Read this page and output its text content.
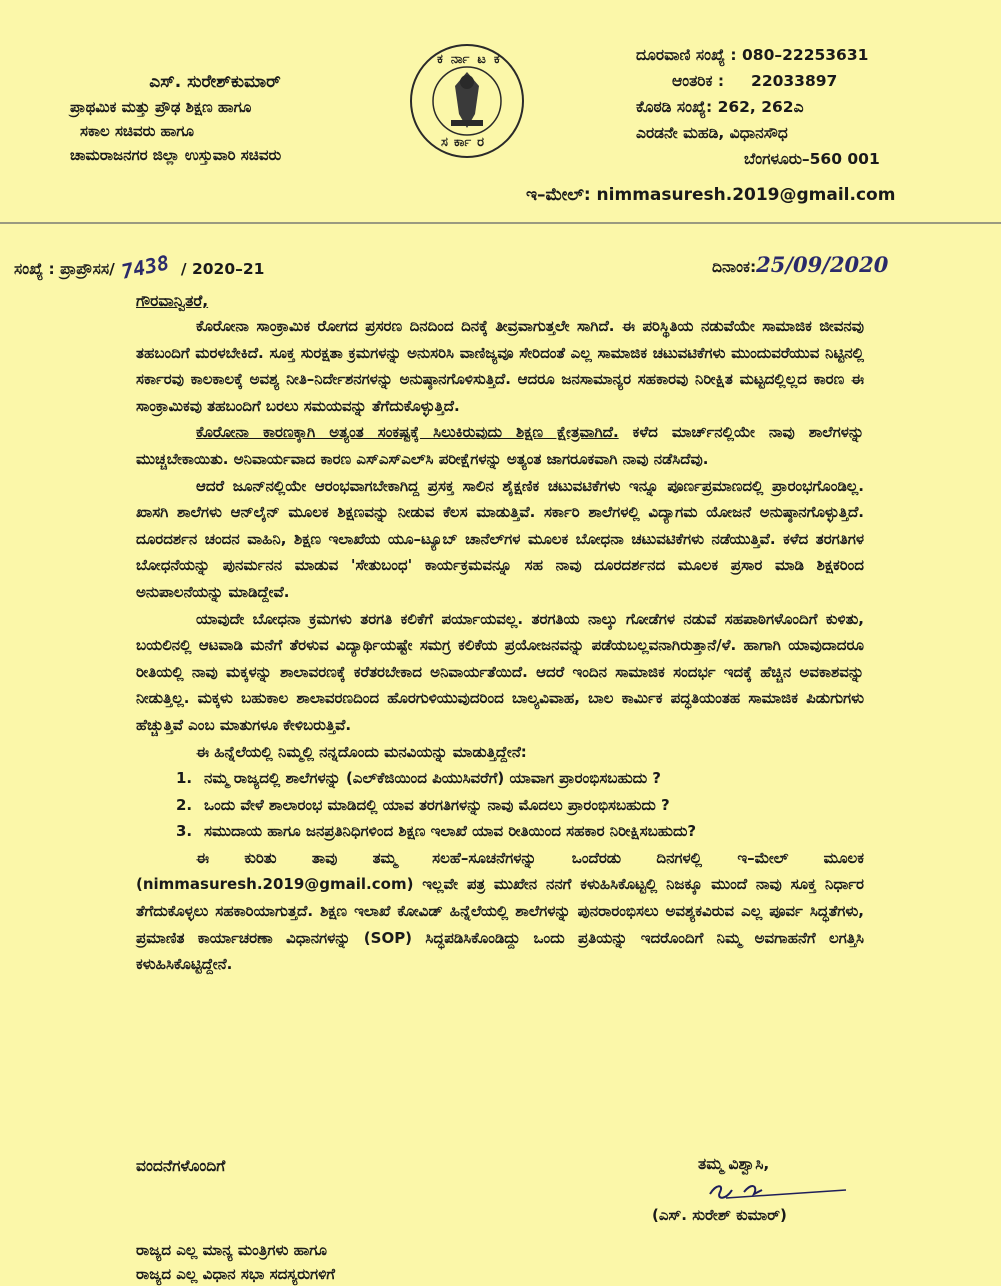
ಎಸ್. ಸುರೇಶ್‌ಕುಮಾರ್
ಪ್ರಾಥಮಿಕ ಮತ್ತು ಪ್ರೌಢ ಶಿಕ್ಷಣ ಹಾಗೂ
ಸಕಾಲ ಸಚಿವರು ಹಾಗೂ
ಚಾಮರಾಜನಗರ ಜಿಲ್ಲಾ ಉಸ್ತುವಾರಿ ಸಚಿವರು
ಕರ್ನಾಟಕ
ಸರ್ಕಾರ
ದೂರವಾಣಿ ಸಂಖ್ಯೆ : 080–22253631
ಆಂತರಿಕ :     22033897
ಕೊಠಡಿ ಸಂಖ್ಯೆ: 262, 262ಎ
ಎರಡನೇ ಮಹಡಿ, ವಿಧಾನಸೌಧ
ಬೆಂಗಳೂರು–560 001
ಇ–ಮೇಲ್: nimmasuresh.2019@gmail.com
ಸಂಖ್ಯೆ : ಪ್ರಾಪ್ರೌಸಸ/ 7438 / 2020–21	ದಿನಾಂಕ:25/09/2020
ಗೌರವಾನ್ವಿತರೆ,

ಕೊರೋನಾ ಸಾಂಕ್ರಾಮಿಕ ರೋಗದ ಪ್ರಸರಣ ದಿನದಿಂದ ದಿನಕ್ಕೆ ತೀವ್ರವಾಗುತ್ತಲೇ ಸಾಗಿದೆ. ಈ ಪರಿಸ್ಥಿತಿಯ ನಡುವೆಯೇ ಸಾಮಾಜಿಕ ಜೀವನವು ತಹಬಂದಿಗೆ ಮರಳಬೇಕಿದೆ. ಸೂಕ್ತ ಸುರಕ್ಷತಾ ಕ್ರಮಗಳನ್ನು ಅನುಸರಿಸಿ ವಾಣಿಜ್ಯವೂ ಸೇರಿದಂತೆ ಎಲ್ಲ ಸಾಮಾಜಿಕ ಚಟುವಟಿಕೆಗಳು ಮುಂದುವರೆಯುವ ನಿಟ್ಟಿನಲ್ಲಿ ಸರ್ಕಾರವು ಕಾಲಕಾಲಕ್ಕೆ ಅವಶ್ಯ ನೀತಿ–ನಿರ್ದೇಶನಗಳನ್ನು ಅನುಷ್ಠಾನಗೊಳಿಸುತ್ತಿದೆ. ಆದರೂ ಜನಸಾಮಾನ್ಯರ ಸಹಕಾರವು ನಿರೀಕ್ಷಿತ ಮಟ್ಟದಲ್ಲಿಲ್ಲದ ಕಾರಣ ಈ ಸಾಂಕ್ರಾಮಿಕವು ತಹಬಂದಿಗೆ ಬರಲು ಸಮಯವನ್ನು ತೆಗೆದುಕೊಳ್ಳುತ್ತಿದೆ.

ಕೊರೋನಾ ಕಾರಣಕ್ಕಾಗಿ ಅತ್ಯಂತ ಸಂಕಷ್ಟಕ್ಕೆ ಸಿಲುಕಿರುವುದು ಶಿಕ್ಷಣ ಕ್ಷೇತ್ರವಾಗಿದೆ. ಕಳೆದ ಮಾರ್ಚ್‌ನಲ್ಲಿಯೇ ನಾವು ಶಾಲೆಗಳನ್ನು ಮುಚ್ಚಬೇಕಾಯಿತು. ಅನಿವಾರ್ಯವಾದ ಕಾರಣ ಎಸ್‌ಎಸ್‌ಎಲ್‌ಸಿ ಪರೀಕ್ಷೆಗಳನ್ನು ಅತ್ಯಂತ ಜಾಗರೂಕವಾಗಿ ನಾವು ನಡೆಸಿದೆವು.

ಆದರೆ ಜೂನ್‌ನಲ್ಲಿಯೇ ಆರಂಭವಾಗಬೇಕಾಗಿದ್ದ ಪ್ರಸಕ್ತ ಸಾಲಿನ ಶೈಕ್ಷಣಿಕ ಚಟುವಟಿಕೆಗಳು ಇನ್ನೂ ಪೂರ್ಣಪ್ರಮಾಣದಲ್ಲಿ ಪ್ರಾರಂಭಗೊಂಡಿಲ್ಲ. ಖಾಸಗಿ ಶಾಲೆಗಳು ಆನ್‌ಲೈನ್ ಮೂಲಕ ಶಿಕ್ಷಣವನ್ನು ನೀಡುವ ಕೆಲಸ ಮಾಡುತ್ತಿವೆ. ಸರ್ಕಾರಿ ಶಾಲೆಗಳಲ್ಲಿ ವಿದ್ಯಾಗಮ ಯೋಜನೆ ಅನುಷ್ಠಾನಗೊಳ್ಳುತ್ತಿದೆ. ದೂರದರ್ಶನ ಚಂದನ ವಾಹಿನಿ, ಶಿಕ್ಷಣ ಇಲಾಖೆಯ ಯೂ–ಟ್ಯೂಬ್ ಚಾನೆಲ್‌ಗಳ ಮೂಲಕ ಬೋಧನಾ ಚಟುವಟಿಕೆಗಳು ನಡೆಯುತ್ತಿವೆ. ಕಳೆದ ತರಗತಿಗಳ ಬೋಧನೆಯನ್ನು ಪುನರ್ಮನನ ಮಾಡುವ 'ಸೇತುಬಂಧ' ಕಾರ್ಯಕ್ರಮವನ್ನೂ ಸಹ ನಾವು ದೂರದರ್ಶನದ ಮೂಲಕ ಪ್ರಸಾರ ಮಾಡಿ ಶಿಕ್ಷಕರಿಂದ ಅನುಪಾಲನೆಯನ್ನು ಮಾಡಿದ್ದೇವೆ.

ಯಾವುದೇ ಬೋಧನಾ ಕ್ರಮಗಳು ತರಗತಿ ಕಲಿಕೆಗೆ ಪರ್ಯಾಯವಲ್ಲ. ತರಗತಿಯ ನಾಲ್ಕು ಗೋಡೆಗಳ ನಡುವೆ ಸಹಪಾಠಿಗಳೊಂದಿಗೆ ಕುಳಿತು, ಬಯಲಿನಲ್ಲಿ ಆಟವಾಡಿ ಮನೆಗೆ ತೆರಳುವ ವಿದ್ಯಾರ್ಥಿಯಷ್ಟೇ ಸಮಗ್ರ ಕಲಿಕೆಯ ಪ್ರಯೋಜನವನ್ನು ಪಡೆಯಬಲ್ಲವನಾಗಿರುತ್ತಾನೆ/ಳೆ. ಹಾಗಾಗಿ ಯಾವುದಾದರೂ ರೀತಿಯಲ್ಲಿ ನಾವು ಮಕ್ಕಳನ್ನು ಶಾಲಾವರಣಕ್ಕೆ ಕರೆತರಬೇಕಾದ ಅನಿವಾರ್ಯತೆಯಿದೆ. ಆದರೆ ಇಂದಿನ ಸಾಮಾಜಿಕ ಸಂದರ್ಭ ಇದಕ್ಕೆ ಹೆಚ್ಚಿನ ಅವಕಾಶವನ್ನು ನೀಡುತ್ತಿಲ್ಲ. ಮಕ್ಕಳು ಬಹುಕಾಲ ಶಾಲಾವರಣದಿಂದ ಹೊರಗುಳಿಯುವುದರಿಂದ ಬಾಲ್ಯವಿವಾಹ, ಬಾಲ ಕಾರ್ಮಿಕ ಪದ್ಧತಿಯಂತಹ ಸಾಮಾಜಿಕ ಪಿಡುಗುಗಳು ಹೆಚ್ಚುತ್ತಿವೆ ಎಂಬ ಮಾತುಗಳೂ ಕೇಳಿಬರುತ್ತಿವೆ.

ಈ ಹಿನ್ನೆಲೆಯಲ್ಲಿ ನಿಮ್ಮಲ್ಲಿ ನನ್ನದೊಂದು ಮನವಿಯನ್ನು ಮಾಡುತ್ತಿದ್ದೇನೆ:

1. ನಮ್ಮ ರಾಜ್ಯದಲ್ಲಿ ಶಾಲೆಗಳನ್ನು (ಎಲ್‌ಕೆಜಿಯಿಂದ ಪಿಯುಸಿವರೆಗೆ) ಯಾವಾಗ ಪ್ರಾರಂಭಿಸಬಹುದು ?
2. ಒಂದು ವೇಳೆ ಶಾಲಾರಂಭ ಮಾಡಿದಲ್ಲಿ ಯಾವ ತರಗತಿಗಳನ್ನು ನಾವು ಮೊದಲು ಪ್ರಾರಂಭಿಸಬಹುದು ?
3. ಸಮುದಾಯ ಹಾಗೂ ಜನಪ್ರತಿನಿಧಿಗಳಿಂದ ಶಿಕ್ಷಣ ಇಲಾಖೆ ಯಾವ ರೀತಿಯಿಂದ ಸಹಕಾರ ನಿರೀಕ್ಷಿಸಬಹುದು?

ಈ ಕುರಿತು ತಾವು ತಮ್ಮ ಸಲಹೆ–ಸೂಚನೆಗಳನ್ನು ಒಂದೆರಡು ದಿನಗಳಲ್ಲಿ ಇ–ಮೇಲ್ ಮೂಲಕ (nimmasuresh.2019@gmail.com) ಇಲ್ಲವೇ ಪತ್ರ ಮುಖೇನ ನನಗೆ ಕಳುಹಿಸಿಕೊಟ್ಟಲ್ಲಿ ನಿಜಕ್ಕೂ ಮುಂದೆ ನಾವು ಸೂಕ್ತ ನಿರ್ಧಾರ ತೆಗೆದುಕೊಳ್ಳಲು ಸಹಕಾರಿಯಾಗುತ್ತದೆ. ಶಿಕ್ಷಣ ಇಲಾಖೆ ಕೋವಿಡ್ ಹಿನ್ನೆಲೆಯಲ್ಲಿ ಶಾಲೆಗಳನ್ನು ಪುನರಾರಂಭಿಸಲು ಅವಶ್ಯಕವಿರುವ ಎಲ್ಲ ಪೂರ್ವ ಸಿದ್ಧತೆಗಳು, ಪ್ರಮಾಣಿತ ಕಾರ್ಯಾಚರಣಾ ವಿಧಾನಗಳನ್ನು (SOP) ಸಿದ್ಧಪಡಿಸಿಕೊಂಡಿದ್ದು ಒಂದು ಪ್ರತಿಯನ್ನು ಇದರೊಂದಿಗೆ ನಿಮ್ಮ ಅವಗಾಹನೆಗೆ ಲಗತ್ತಿಸಿ ಕಳುಹಿಸಿಕೊಟ್ಟಿದ್ದೇನೆ.

ವಂದನೆಗಳೊಂದಿಗೆ	ತಮ್ಮ ವಿಶ್ವಾಸಿ,
(ಎಸ್. ಸುರೇಶ್ ಕುಮಾರ್)
ರಾಜ್ಯದ ಎಲ್ಲ ಮಾನ್ಯ ಮಂತ್ರಿಗಳು ಹಾಗೂ
ರಾಜ್ಯದ ಎಲ್ಲ ವಿಧಾನ ಸಭಾ ಸದಸ್ಯರುಗಳಿಗೆ
